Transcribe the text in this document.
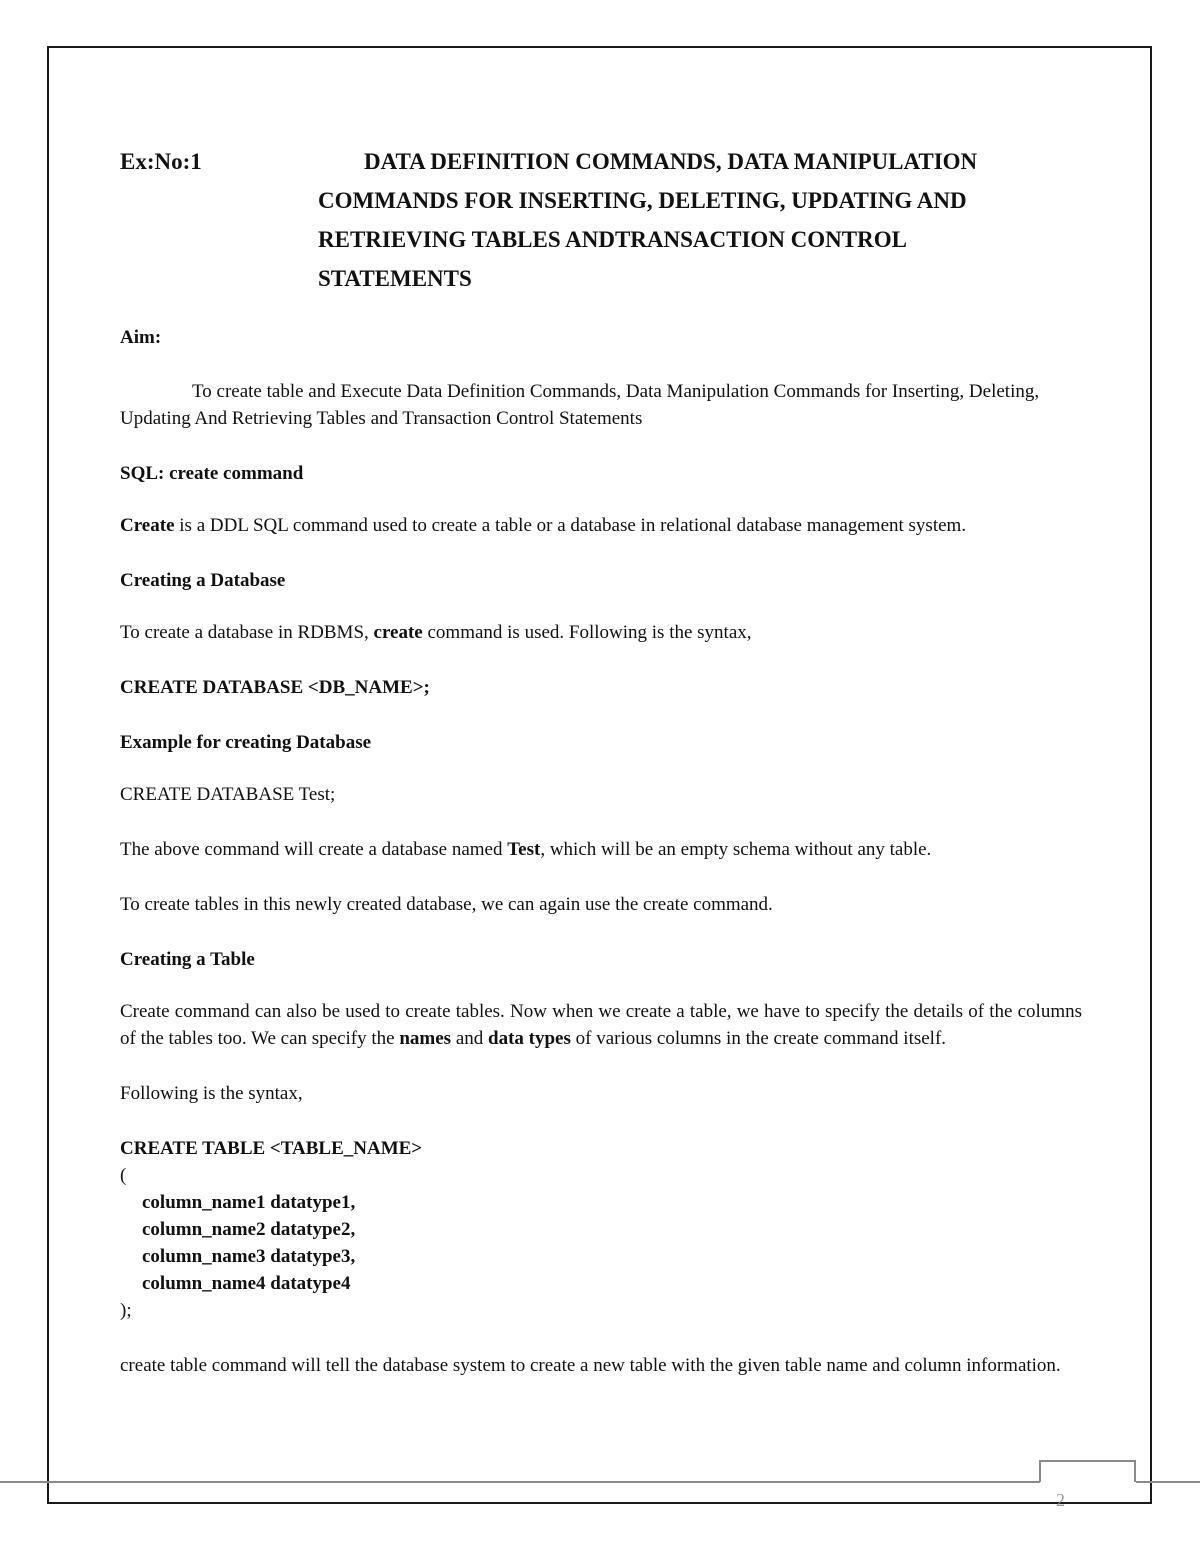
2
Ex:No:1	DATA DEFINITION COMMANDS, DATA MANIPULATION COMMANDS FOR INSERTING, DELETING, UPDATING AND RETRIEVING TABLES ANDTRANSACTION CONTROL STATEMENTS
Aim:
To create table and Execute Data Definition Commands, Data Manipulation Commands for Inserting, Deleting, Updating And Retrieving Tables and Transaction Control Statements
SQL: create command
Create is a DDL SQL command used to create a table or a database in relational database management system.
Creating a Database
To create a database in RDBMS, create command is used. Following is the syntax,
CREATE DATABASE <DB_NAME>;
Example for creating Database
CREATE DATABASE Test;
The above command will create a database named Test, which will be an empty schema without any table.
To create tables in this newly created database, we can again use the create command.
Creating a Table
Create command can also be used to create tables. Now when we create a table, we have to specify the details of the columns of the tables too. We can specify the names and data types of various columns in the create command itself.
Following is the syntax,
CREATE TABLE <TABLE_NAME>
(
column_name1 datatype1,
column_name2 datatype2,
column_name3 datatype3,
column_name4 datatype4
);
create table command will tell the database system to create a new table with the given table name and column information.
